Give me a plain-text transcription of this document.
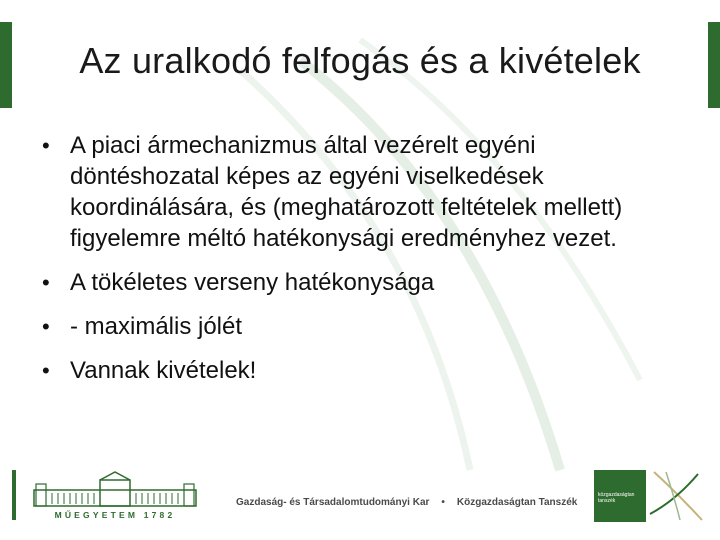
Az uralkodó felfogás és a kivételek
• A piaci ármechanizmus által vezérelt egyéni döntéshozatal képes az egyéni viselkedések koordinálására, és (meghatározott feltételek mellett) figyelemre méltó hatékonysági eredményhez vezet.
• A tökéletes verseny hatékonysága
• - maximális jólét
• Vannak kivételek!
MŰEGYETEM 1782
Gazdaság- és Társadalomtudományi Kar • Közgazdaságtan Tanszék
közgazdaságtan
tanszék
